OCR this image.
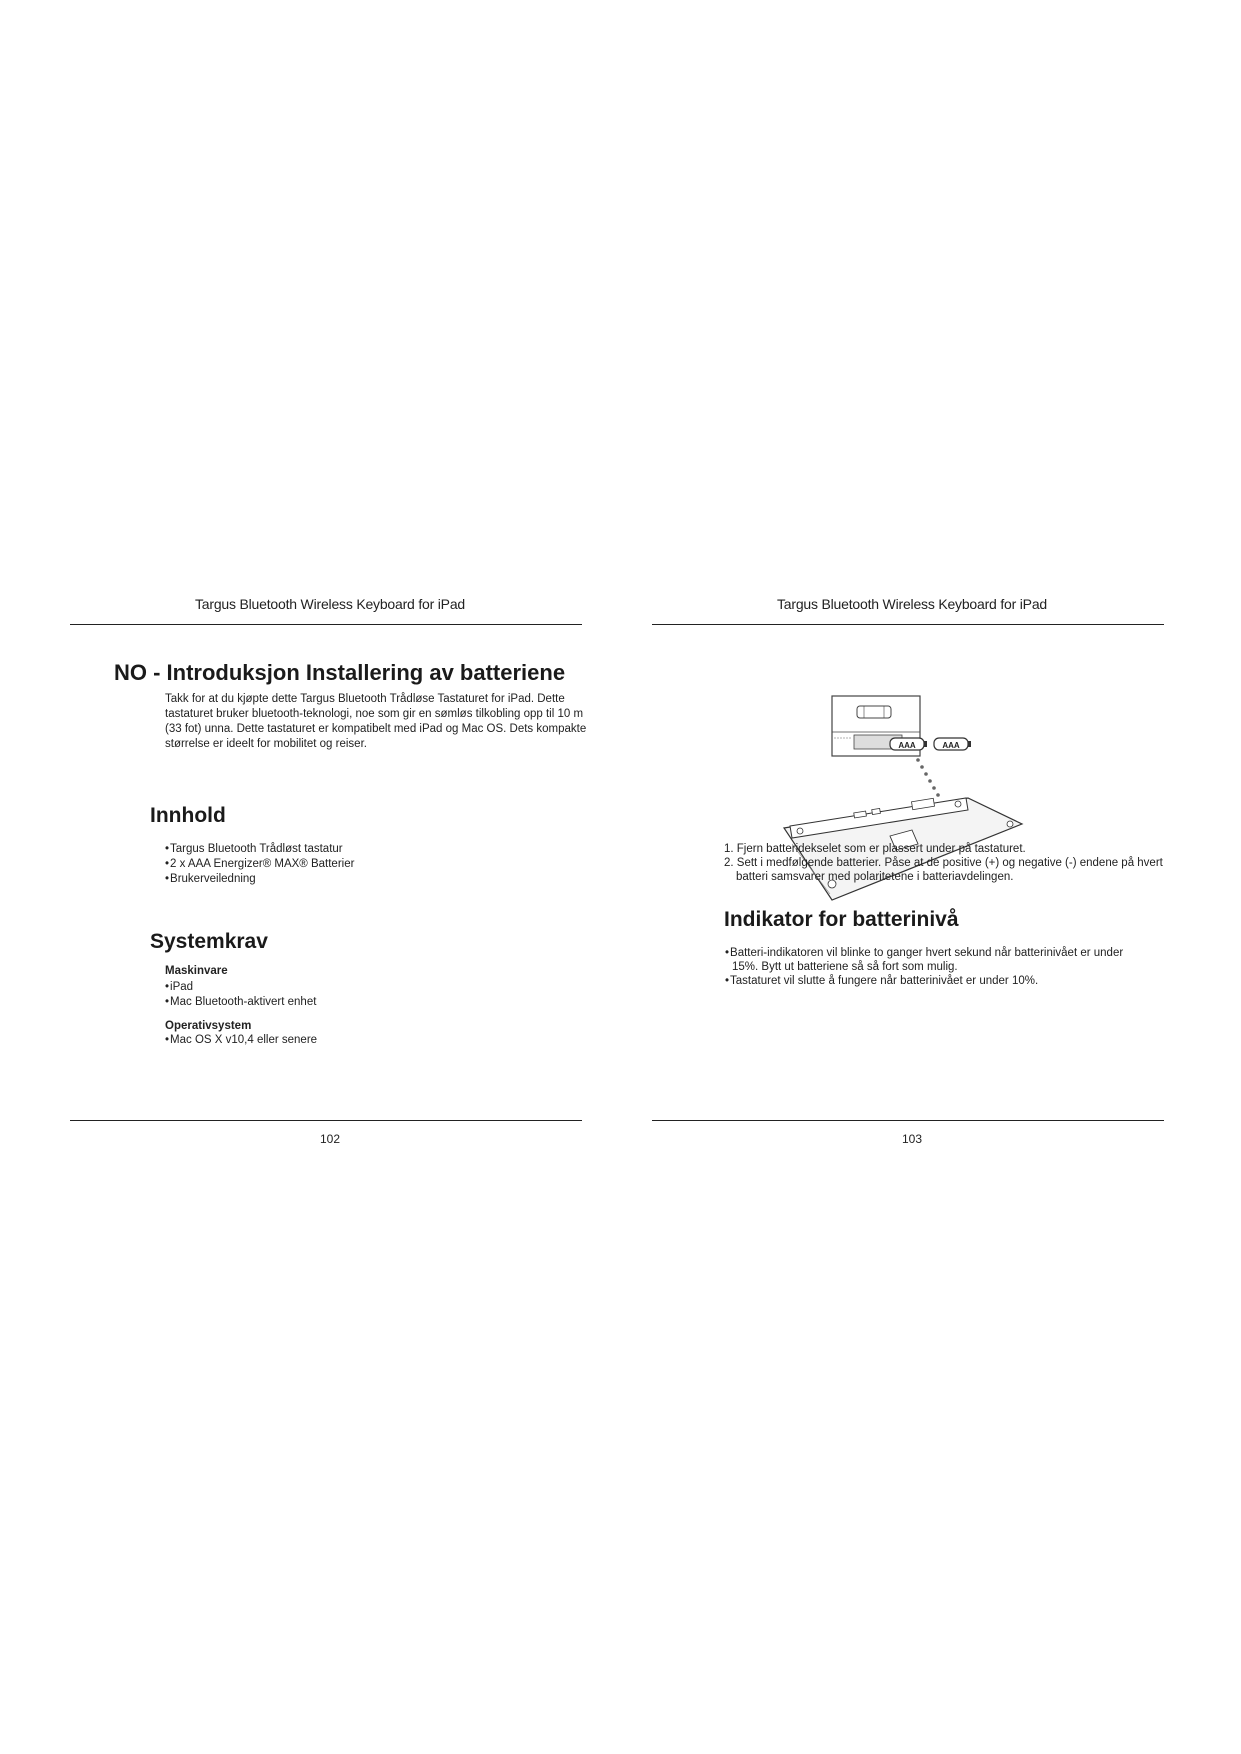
Targus Bluetooth Wireless Keyboard for iPad
NO - Introduksjon Installering av batteriene
Takk for at du kjøpte dette Targus Bluetooth Trådløse Tastaturet for iPad. Dette tastaturet bruker bluetooth-teknologi, noe som gir en sømløs tilkobling opp til 10 m (33 fot) unna. Dette tastaturet er kompatibelt med iPad og Mac OS. Dets kompakte størrelse er ideelt for mobilitet og reiser.
Innhold
• Targus Bluetooth Trådløst tastatur
• 2 x AAA Energizer® MAX® Batterier
• Brukerveiledning
Systemkrav
Maskinvare
• iPad
• Mac Bluetooth-aktivert enhet
Operativsystem
• Mac OS X v10,4 eller senere
102
Targus Bluetooth Wireless Keyboard for iPad
AAA	AAA
1. Fjern batteridekselet som er plassert under på tastaturet.
2. Sett i medfølgende batterier. Påse at de positive (+) og negative (-) endene på hvert batteri samsvarer med polaritetene i batteriavdelingen.
Indikator for batterinivå
• Batteri-indikatoren vil blinke to ganger hvert sekund når batterinivået er under 15%. Bytt ut batteriene så så fort som mulig.
• Tastaturet vil slutte å fungere når batterinivået er under 10%.
103
